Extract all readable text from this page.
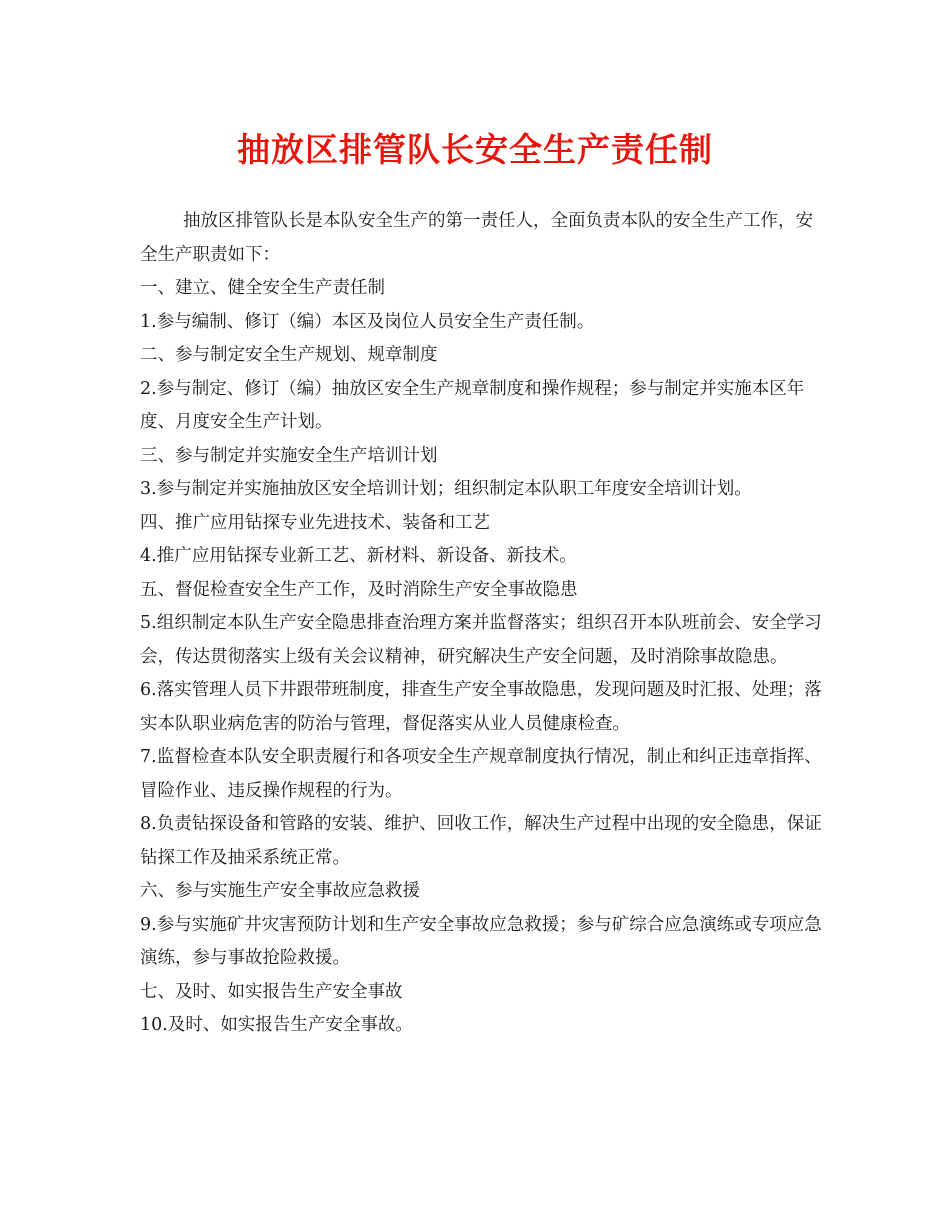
抽放区排管队长安全生产责任制

抽放区排管队长是本队安全生产的第一责任人，全面负责本队的安全生产工作，安全生产职责如下：

一、建立、健全安全生产责任制

1.参与编制、修订（编）本区及岗位人员安全生产责任制。

二、参与制定安全生产规划、规章制度

2.参与制定、修订（编）抽放区安全生产规章制度和操作规程；参与制定并实施本区年度、月度安全生产计划。

三、参与制定并实施安全生产培训计划

3.参与制定并实施抽放区安全培训计划；组织制定本队职工年度安全培训计划。

四、推广应用钻探专业先进技术、装备和工艺

4.推广应用钻探专业新工艺、新材料、新设备、新技术。

五、督促检查安全生产工作，及时消除生产安全事故隐患

5.组织制定本队生产安全隐患排查治理方案并监督落实；组织召开本队班前会、安全学习会，传达贯彻落实上级有关会议精神，研究解决生产安全问题，及时消除事故隐患。

6.落实管理人员下井跟带班制度，排查生产安全事故隐患，发现问题及时汇报、处理；落实本队职业病危害的防治与管理，督促落实从业人员健康检查。

7.监督检查本队安全职责履行和各项安全生产规章制度执行情况，制止和纠正违章指挥、冒险作业、违反操作规程的行为。

8.负责钻探设备和管路的安装、维护、回收工作，解决生产过程中出现的安全隐患，保证钻探工作及抽采系统正常。

六、参与实施生产安全事故应急救援

9.参与实施矿井灾害预防计划和生产安全事故应急救援；参与矿综合应急演练或专项应急演练，参与事故抢险救援。

七、及时、如实报告生产安全事故

10.及时、如实报告生产安全事故。
